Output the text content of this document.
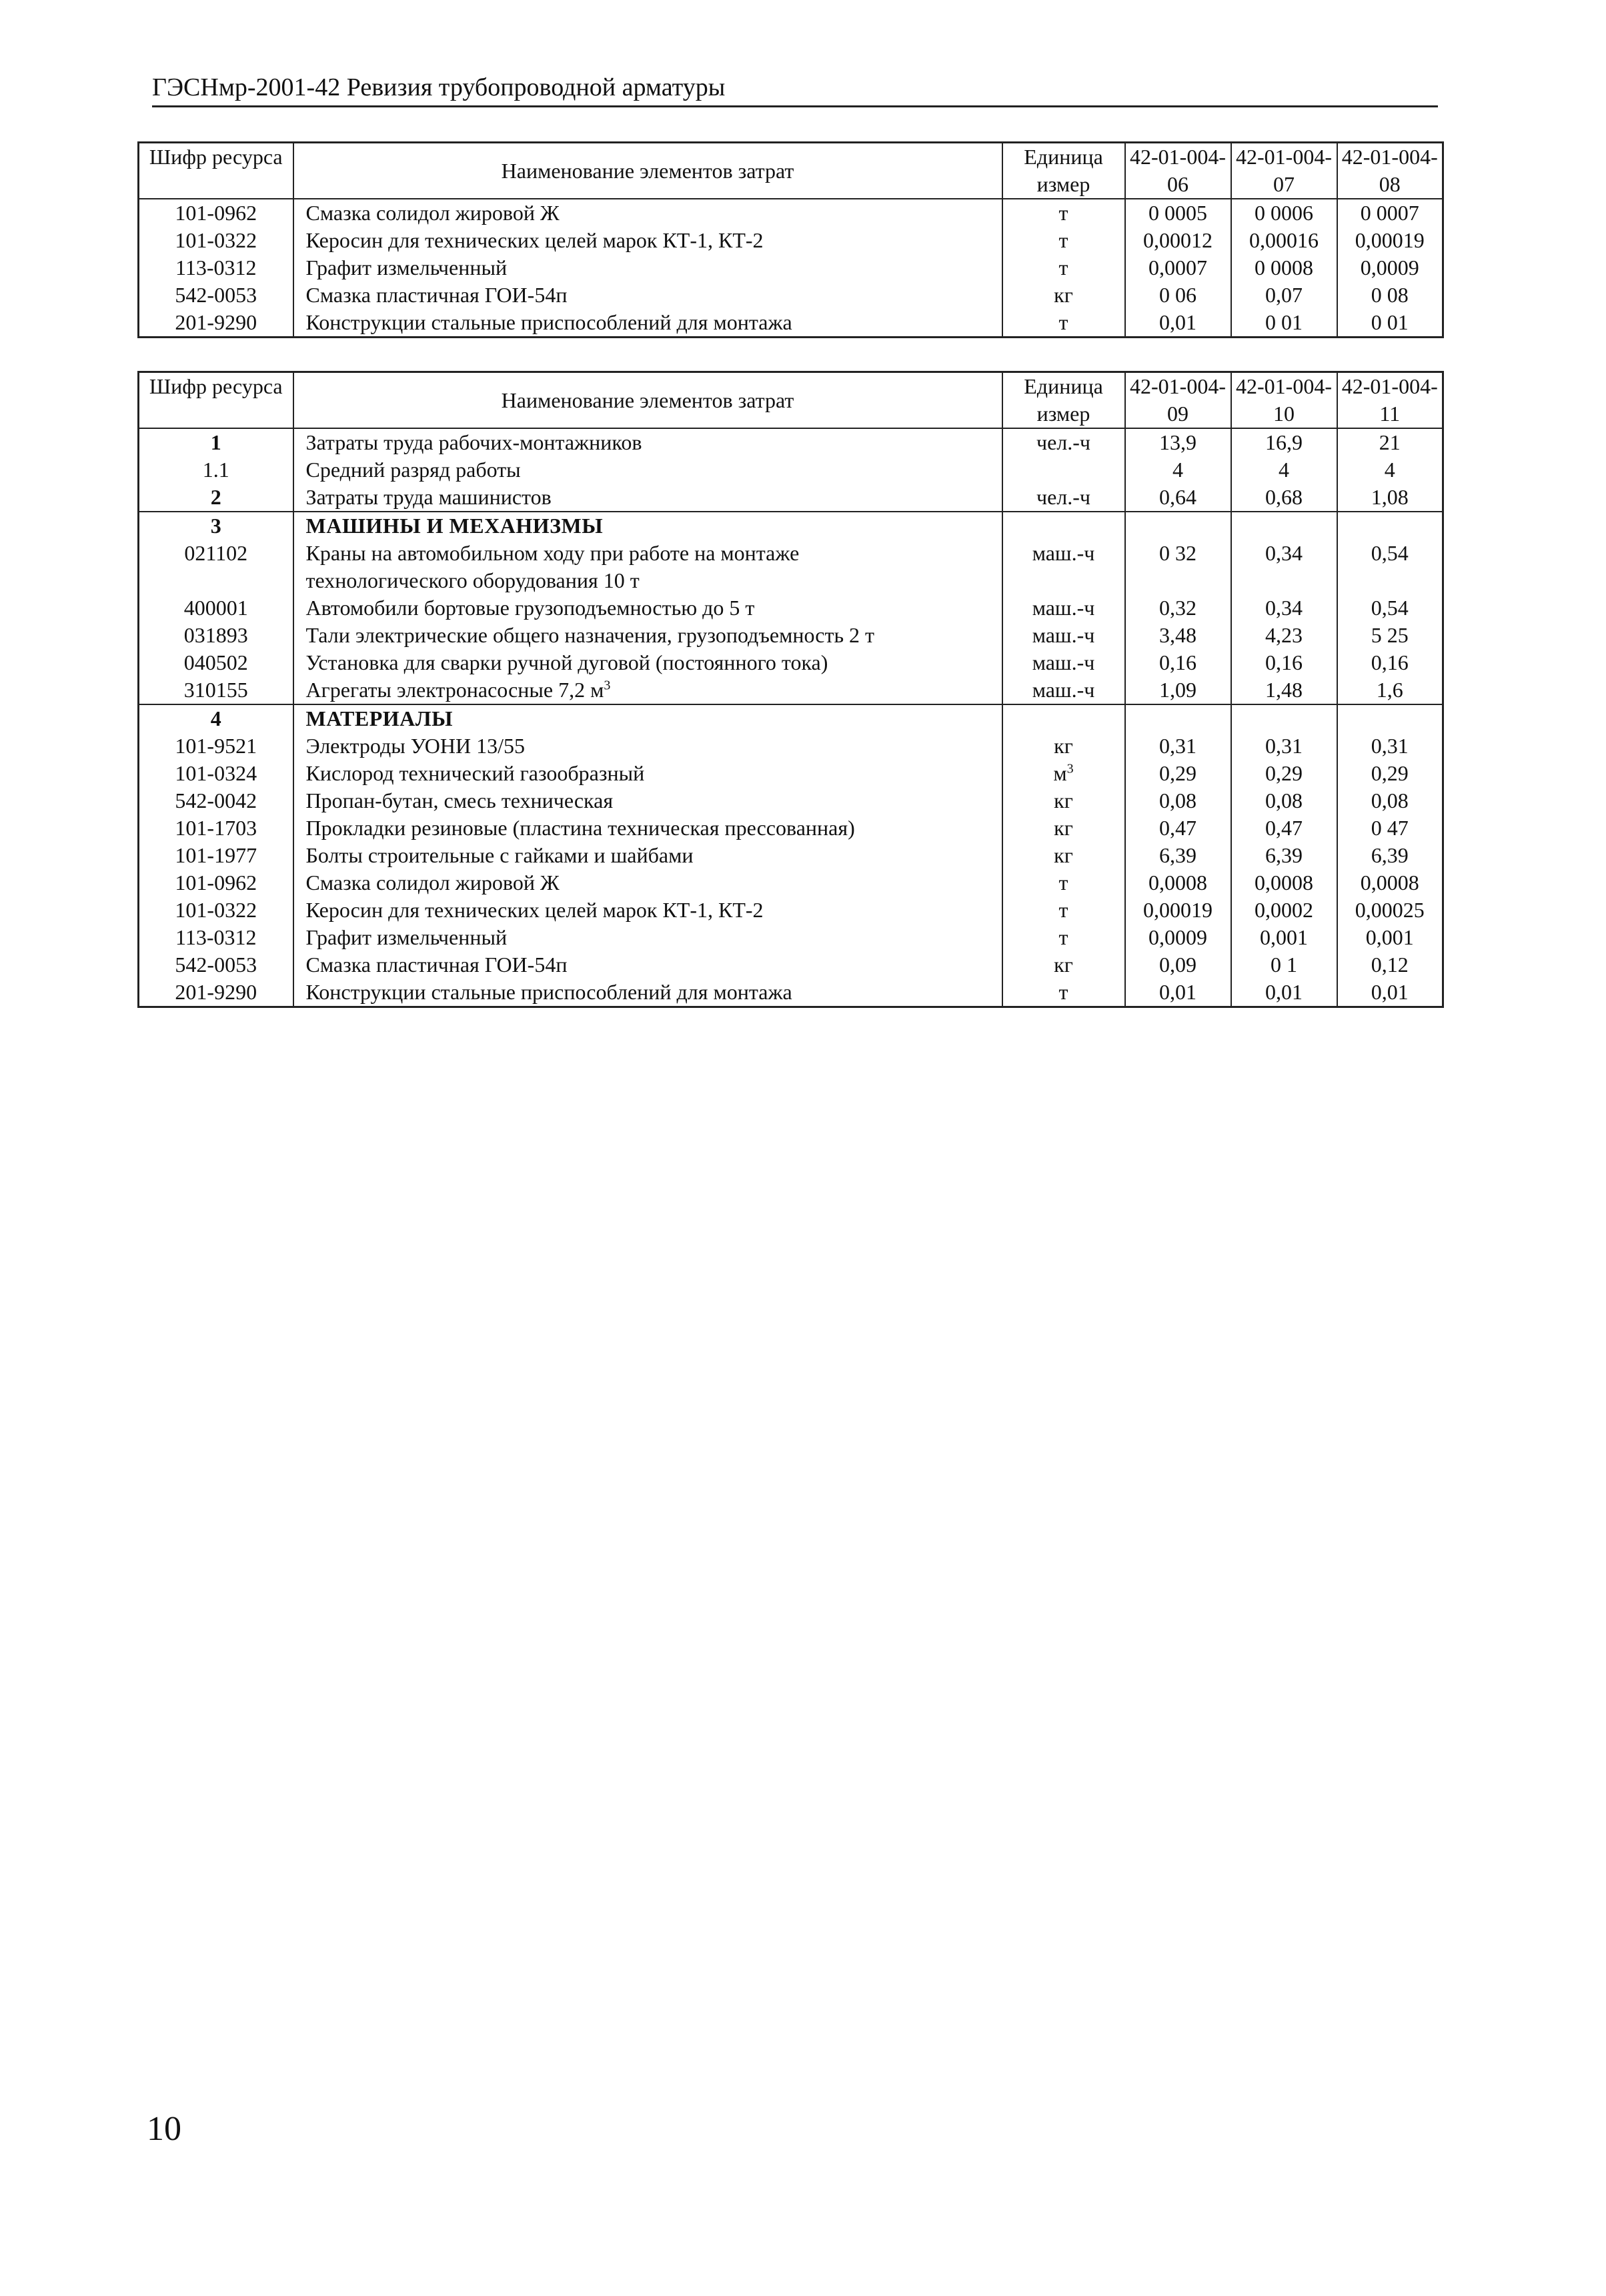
ГЭСНмр-2001-42 Ревизия трубопроводной арматуры
Шифр ресурса	Наименование элементов затрат	Единица измер	42-01-004-06	42-01-004-07	42-01-004-08
101-0962	Смазка солидол жировой Ж	т	0 0005	0 0006	0 0007
101-0322	Керосин для технических целей марок КТ-1, КТ-2	т	0,00012	0,00016	0,00019
113-0312	Графит измельченный	т	0,0007	0 0008	0,0009
542-0053	Смазка пластичная ГОИ-54п	кг	0 06	0,07	0 08
201-9290	Конструкции стальные приспособлений для монтажа	т	0,01	0 01	0 01
Шифр ресурса	Наименование элементов затрат	Единица измер	42-01-004-09	42-01-004-10	42-01-004-11
1	Затраты труда рабочих-монтажников	чел.-ч	13,9	16,9	21
1.1	Средний разряд работы		4	4	4
2	Затраты труда машинистов	чел.-ч	0,64	0,68	1,08
3	МАШИНЫ И МЕХАНИЗМЫ				
021102	Краны на автомобильном ходу при работе на монтаже технологического оборудования 10 т	маш.-ч	0 32	0,34	0,54
400001	Автомобили бортовые грузоподъемностью до 5 т	маш.-ч	0,32	0,34	0,54
031893	Тали электрические общего назначения, грузоподъемность 2 т	маш.-ч	3,48	4,23	5 25
040502	Установка для сварки ручной дуговой (постоянного тока)	маш.-ч	0,16	0,16	0,16
310155	Агрегаты электронасосные 7,2 $м^3$	маш.-ч	1,09	1,48	1,6
4	МАТЕРИАЛЫ				
101-9521	Электроды УОНИ 13/55	кг	0,31	0,31	0,31
101-0324	Кислород технический газообразный	$м^3$	0,29	0,29	0,29
542-0042	Пропан-бутан, смесь техническая	кг	0,08	0,08	0,08
101-1703	Прокладки резиновые (пластина техническая прессованная)	кг	0,47	0,47	0 47
101-1977	Болты строительные с гайками и шайбами	кг	6,39	6,39	6,39
101-0962	Смазка солидол жировой Ж	т	0,0008	0,0008	0,0008
101-0322	Керосин для технических целей марок КТ-1, КТ-2	т	0,00019	0,0002	0,00025
113-0312	Графит измельченный	т	0,0009	0,001	0,001
542-0053	Смазка пластичная ГОИ-54п	кг	0,09	0 1	0,12
201-9290	Конструкции стальные приспособлений для монтажа	т	0,01	0,01	0,01
10
